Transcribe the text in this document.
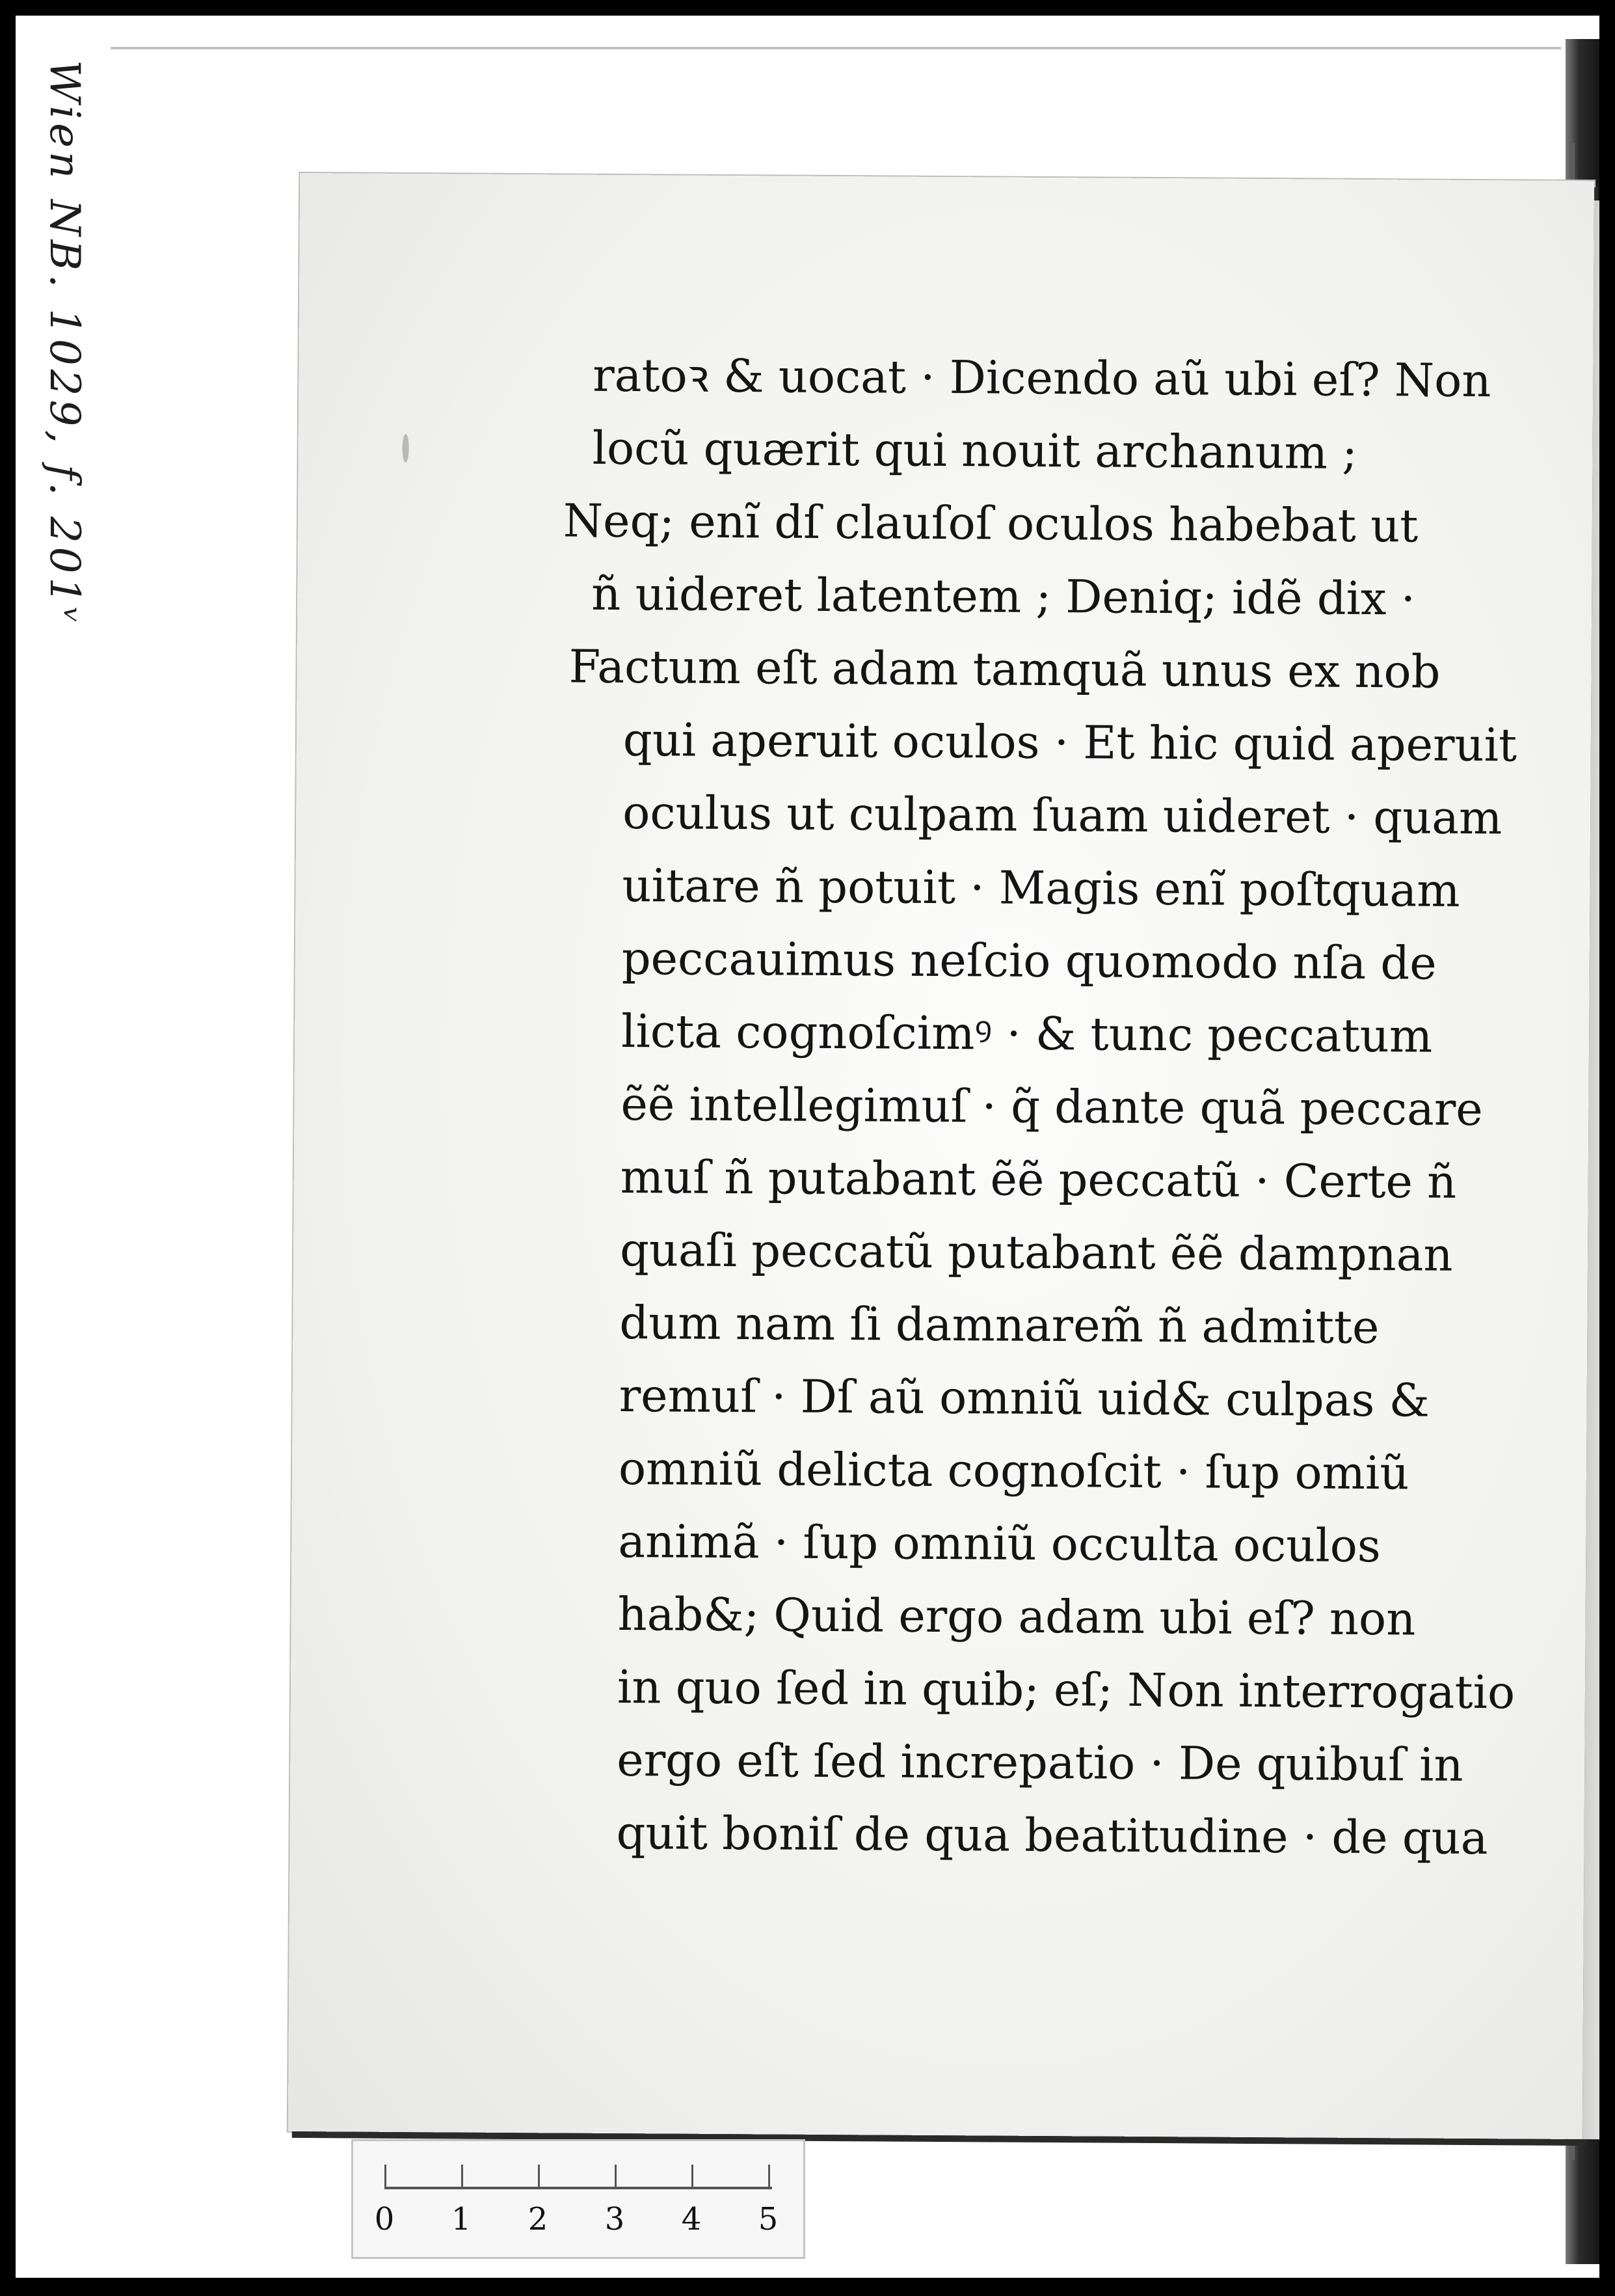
Wien NB. 1029, f. 201ᵛ	ratoꝛ & uocat · Dicendo aũ ubi eſ? Non

locũ quærit qui nouit archanum ;

Neq; enĩ dſ clauſoſ oculos habebat ut

ñ uideret latentem ; Deniq; idẽ dix ·

Factum eſt adam tamquã unus ex nob

qui aperuit oculos · Et hic quid aperuit

oculus ut culpam ſuam uideret · quam

uitare ñ potuit · Magis enĩ poſtquam

peccauimus neſcio quomodo nſa de

licta cognoſcimꝰ · & tunc peccatum

ẽẽ intellegimuſ · q̃ dante quã peccare

muſ ñ putabant ẽẽ peccatũ · Certe ñ

quaſi peccatũ putabant ẽẽ dampnan

dum nam ſi damnarem̃ ñ admitte

remuſ · Dſ aũ omniũ uid& culpas &

omniũ delicta cognoſcit · ſup omiũ

animã · ſup omniũ occulta oculos

hab&; Quid ergo adam ubi eſ? non

in quo ſed in quib; eſ; Non interrogatio

ergo eſt ſed increpatio · De quibuſ in

quit boniſ de qua beatitudine · de qua

0 1 2 3 4 5
